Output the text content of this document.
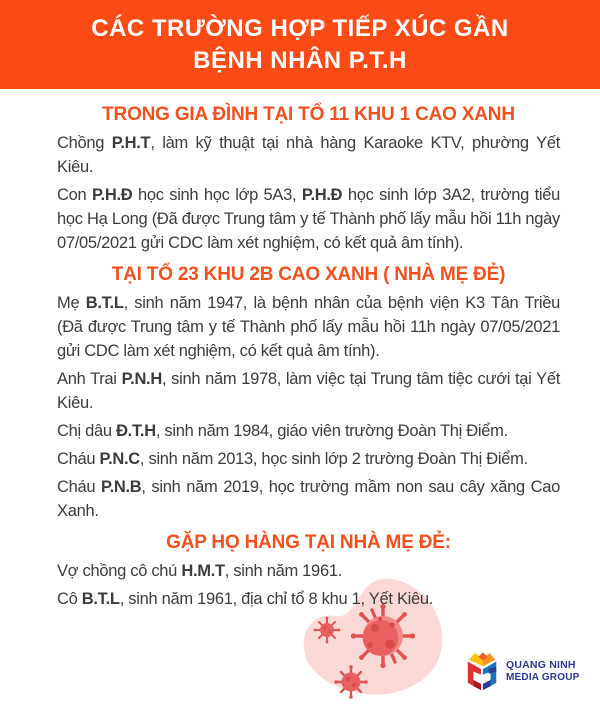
CÁC TRƯỜNG HỢP TIẾP XÚC GẦN
BỆNH NHÂN P.T.H
TRONG GIA ĐÌNH TẠI TỔ 11 KHU 1 CAO XANH

Chồng P.H.T, làm kỹ thuật tại nhà hàng Karaoke KTV, phường Yết Kiêu.

Con P.H.Đ học sinh học lớp 5A3, P.H.Đ học sinh lớp 3A2, trường tiểu học Hạ Long (Đã được Trung tâm y tế Thành phố lấy mẫu hồi 11h ngày 07/05/2021 gửi CDC làm xét nghiệm, có kết quả âm tính).

TẠI TỔ 23 KHU 2B CAO XANH ( NHÀ MẸ ĐẺ)

Mẹ B.T.L, sinh năm 1947, là bệnh nhân của bệnh viện K3 Tân Triều (Đã được Trung tâm y tế Thành phố lấy mẫu hồi 11h ngày 07/05/2021 gửi CDC làm xét nghiệm, có kết quả âm tính).

Anh Trai P.N.H, sinh năm 1978, làm việc tại Trung tâm tiệc cưới tại Yết Kiêu.

Chị dâu Đ.T.H, sinh năm 1984, giáo viên trường Đoàn Thị Điểm.

Cháu P.N.C, sinh năm 2013, học sinh lớp 2 trường Đoàn Thị Điểm.

Cháu P.N.B, sinh năm 2019, học trường mầm non sau cây xăng Cao Xanh.

GẶP HỌ HÀNG TẠI NHÀ MẸ ĐẺ:

Vợ chồng cô chú H.M.T, sinh năm 1961.

Cô B.T.L, sinh năm 1961, địa chỉ tổ 8 khu 1, Yết Kiêu.

QUANG NINH
MEDIA GROUP
